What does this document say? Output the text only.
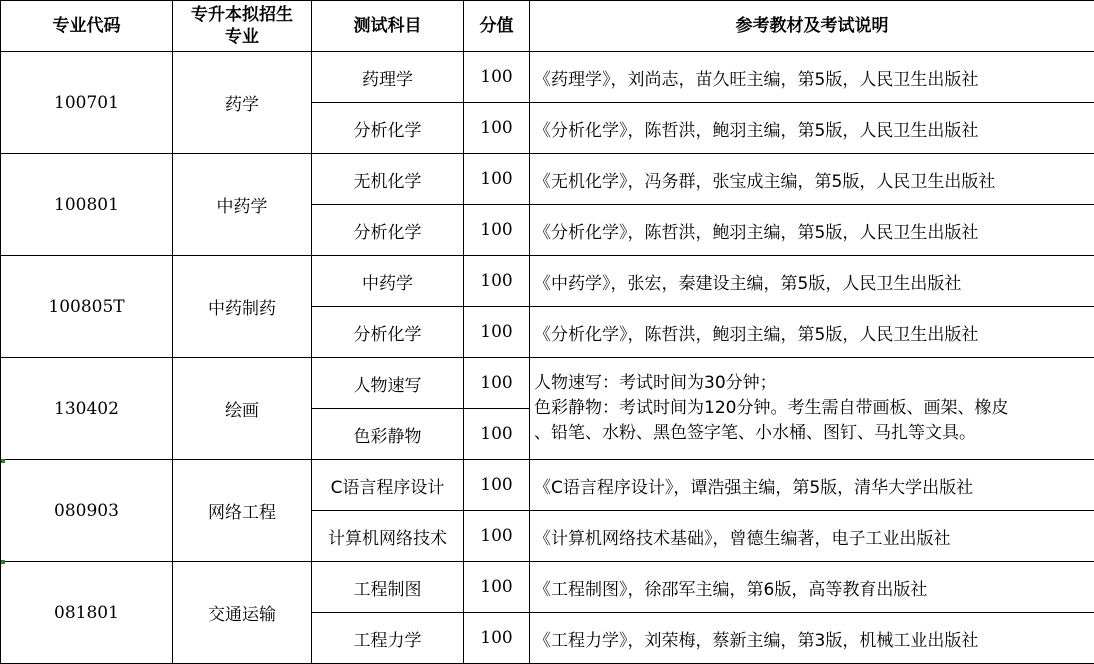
专业代码	专升本拟招生专业	测试科目	分值	参考教材及考试说明
100701	药学	药理学	100	《药理学》，刘尚志，苗久旺主编，第5版，人民卫生出版社
		分析化学	100	《分析化学》，陈哲洪，鲍羽主编，第5版，人民卫生出版社
100801	中药学	无机化学	100	《无机化学》，冯务群，张宝成主编，第5版，人民卫生出版社
		分析化学	100	《分析化学》，陈哲洪，鲍羽主编，第5版，人民卫生出版社
100805T	中药制药	中药学	100	《中药学》，张宏，秦建设主编，第5版，人民卫生出版社
		分析化学	100	《分析化学》，陈哲洪，鲍羽主编，第5版，人民卫生出版社
130402	绘画	人物速写	100	人物速写：考试时间为30分钟；
色彩静物：考试时间为120分钟。考生需自带画板、画架、橡皮
、铅笔、水粉、黑色签字笔、小水桶、图钉、马扎等文具。

		色彩静物	100	
080903	网络工程	C语言程序设计	100	《C语言程序设计》，谭浩强主编，第5版，清华大学出版社
		计算机网络技术	100	《计算机网络技术基础》，曾德生编著，电子工业出版社
081801	交通运输	工程制图	100	《工程制图》，徐邵军主编，第6版，高等教育出版社
		工程力学	100	《工程力学》，刘荣梅，蔡新主编，第3版，机械工业出版社
